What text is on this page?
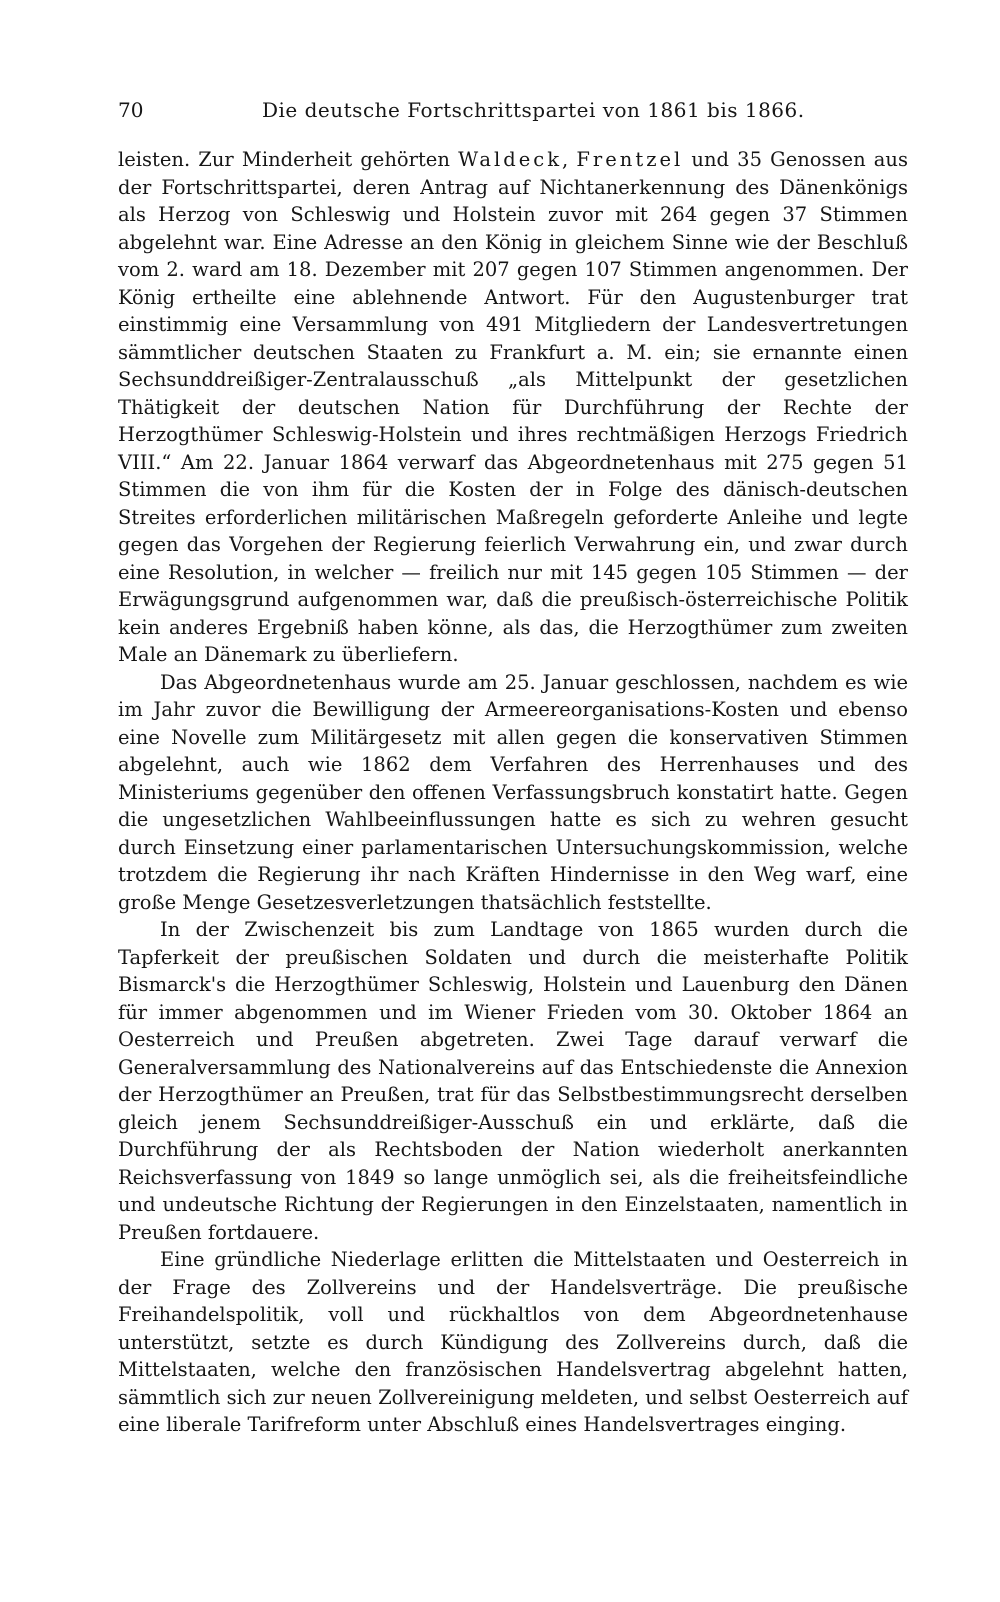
70	Die deutsche Fortschrittspartei von 1861 bis 1866.

leisten. Zur Minderheit gehörten Waldeck, Frentzel und 35 Genossen aus der Fortschrittspartei, deren Antrag auf Nichtanerkennung des Dänenkönigs als Herzog von Schleswig und Holstein zuvor mit 264 gegen 37 Stimmen abgelehnt war. Eine Adresse an den König in gleichem Sinne wie der Beschluß vom 2. ward am 18. Dezember mit 207 gegen 107 Stimmen angenommen. Der König ertheilte eine ablehnende Antwort. Für den Augustenburger trat einstimmig eine Versammlung von 491 Mitgliedern der Landesvertretungen sämmtlicher deutschen Staaten zu Frankfurt a. M. ein; sie ernannte einen Sechsunddreißiger-Zentralausschuß „als Mittelpunkt der gesetzlichen Thätigkeit der deutschen Nation für Durchführung der Rechte der Herzogthümer Schleswig-Holstein und ihres rechtmäßigen Herzogs Friedrich VIII.“ Am 22. Januar 1864 verwarf das Abgeordnetenhaus mit 275 gegen 51 Stimmen die von ihm für die Kosten der in Folge des dänisch-deutschen Streites erforderlichen militärischen Maßregeln geforderte Anleihe und legte gegen das Vorgehen der Regierung feierlich Verwahrung ein, und zwar durch eine Resolution, in welcher — freilich nur mit 145 gegen 105 Stimmen — der Erwägungsgrund aufgenommen war, daß die preußisch-österreichische Politik kein anderes Ergebniß haben könne, als das, die Herzogthümer zum zweiten Male an Dänemark zu überliefern.

Das Abgeordnetenhaus wurde am 25. Januar geschlossen, nachdem es wie im Jahr zuvor die Bewilligung der Armeereorganisations-Kosten und ebenso eine Novelle zum Militärgesetz mit allen gegen die konservativen Stimmen abgelehnt, auch wie 1862 dem Verfahren des Herrenhauses und des Ministeriums gegenüber den offenen Verfassungsbruch konstatirt hatte. Gegen die ungesetzlichen Wahlbeeinflussungen hatte es sich zu wehren gesucht durch Einsetzung einer parlamentarischen Untersuchungskommission, welche trotzdem die Regierung ihr nach Kräften Hindernisse in den Weg warf, eine große Menge Gesetzesverletzungen thatsächlich feststellte.

In der Zwischenzeit bis zum Landtage von 1865 wurden durch die Tapferkeit der preußischen Soldaten und durch die meisterhafte Politik Bismarck's die Herzogthümer Schleswig, Holstein und Lauenburg den Dänen für immer abgenommen und im Wiener Frieden vom 30. Oktober 1864 an Oesterreich und Preußen abgetreten. Zwei Tage darauf verwarf die Generalversammlung des Nationalvereins auf das Entschiedenste die Annexion der Herzogthümer an Preußen, trat für das Selbstbestimmungsrecht derselben gleich jenem Sechsunddreißiger-Ausschuß ein und erklärte, daß die Durchführung der als Rechtsboden der Nation wiederholt anerkannten Reichsverfassung von 1849 so lange unmöglich sei, als die freiheitsfeindliche und undeutsche Richtung der Regierungen in den Einzelstaaten, namentlich in Preußen fortdauere.

Eine gründliche Niederlage erlitten die Mittelstaaten und Oesterreich in der Frage des Zollvereins und der Handelsverträge. Die preußische Freihandelspolitik, voll und rückhaltlos von dem Abgeordnetenhause unterstützt, setzte es durch Kündigung des Zollvereins durch, daß die Mittelstaaten, welche den französischen Handelsvertrag abgelehnt hatten, sämmtlich sich zur neuen Zollvereinigung meldeten, und selbst Oesterreich auf eine liberale Tarifreform unter Abschluß eines Handelsvertrages einging.
